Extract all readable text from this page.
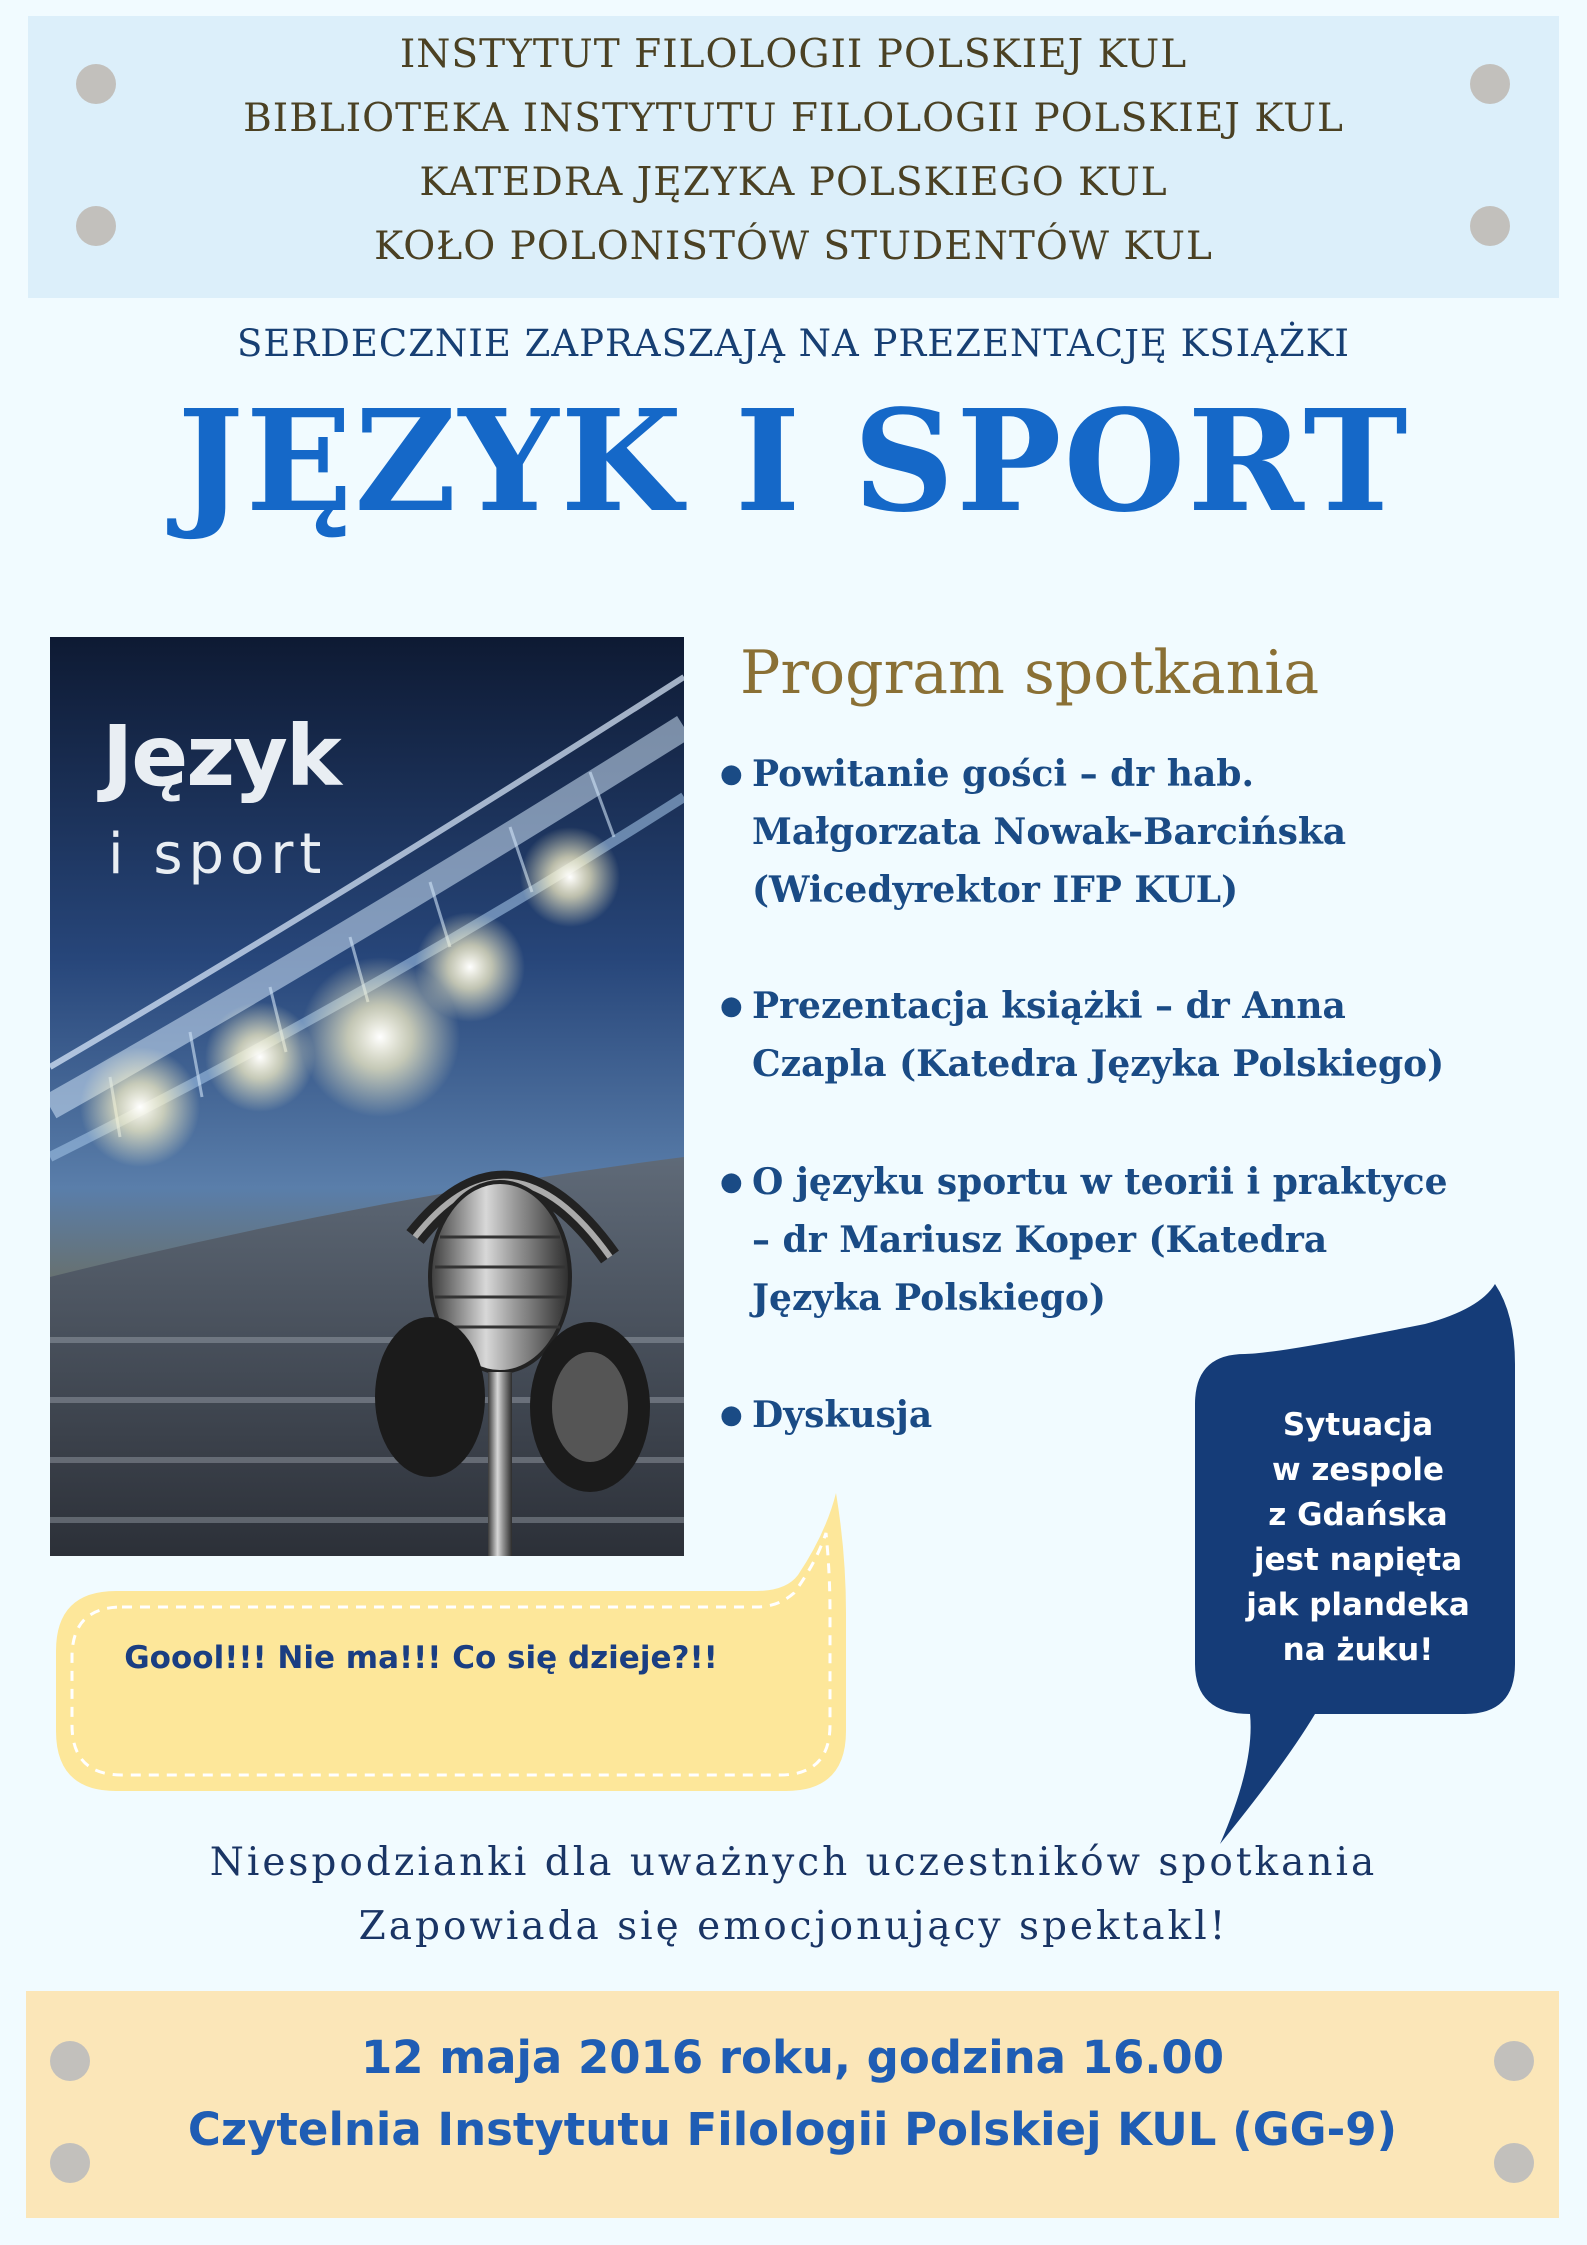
INSTYTUT FILOLOGII POLSKIEJ KUL
BIBLIOTEKA INSTYTUTU FILOLOGII POLSKIEJ KUL
KATEDRA JĘZYKA POLSKIEGO KUL
KOŁO POLONISTÓW STUDENTÓW KUL
SERDECZNIE ZAPRASZAJĄ NA PREZENTACJĘ KSIĄŻKI
JĘZYK I SPORT
Język
i sport
Program spotkania
● Powitanie gości – dr hab.
Małgorzata Nowak-Barcińska
(Wicedyrektor IFP KUL)
● Prezentacja książki – dr Anna
Czapla (Katedra Języka Polskiego)
● O języku sportu w teorii i praktyce
– dr Mariusz Koper (Katedra
Języka Polskiego)
● Dyskusja
Goool!!! Nie ma!!! Co się dzieje?!!
Sytuacja
w zespole
z Gdańska
jest napięta
jak plandeka
na żuku!
Niespodzianki dla uważnych uczestników spotkania
Zapowiada się emocjonujący spektakl!
12 maja 2016 roku, godzina 16.00
Czytelnia Instytutu Filologii Polskiej KUL (GG-9)
